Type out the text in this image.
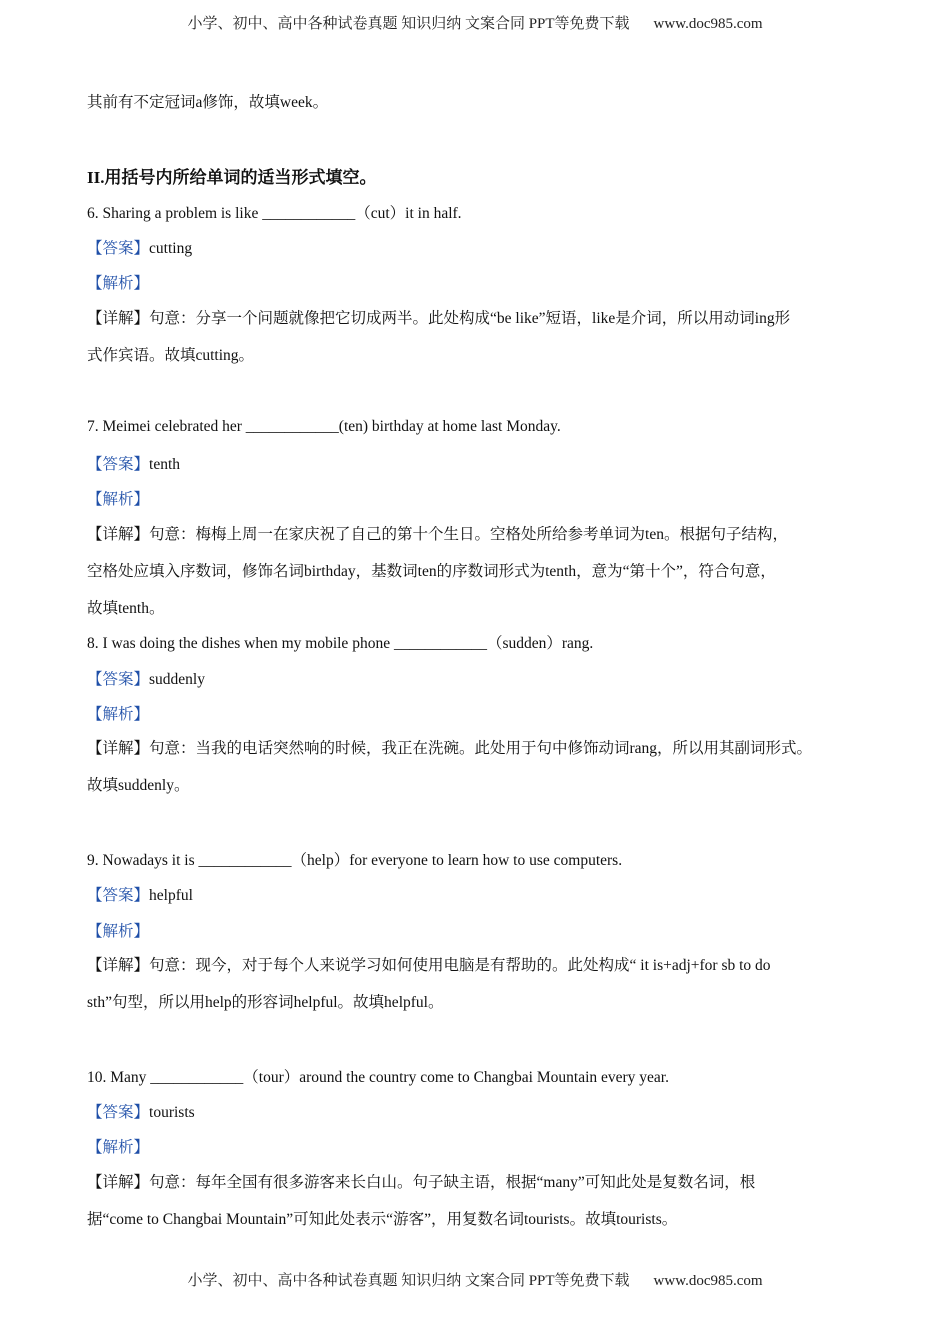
小学、初中、高中各种试卷真题 知识归纳 文案合同 PPT等免费下载 www.doc985.com
其前有不定冠词a修饰，故填week。
II.用括号内所给单词的适当形式填空。
6. Sharing a problem is like ____________（cut）it in half.
【答案】cutting
【解析】
【详解】句意：分享一个问题就像把它切成两半。此处构成“be like”短语，like是介词，所以用动词ing形
式作宾语。故填cutting。
7. Meimei celebrated her ____________(ten) birthday at home last Monday.
【答案】tenth
【解析】
【详解】句意：梅梅上周一在家庆祝了自己的第十个生日。空格处所给参考单词为ten。根据句子结构，
空格处应填入序数词，修饰名词birthday，基数词ten的序数词形式为tenth，意为“第十个”，符合句意，
故填tenth。
8. I was doing the dishes when my mobile phone ____________（sudden）rang.
【答案】suddenly
【解析】
【详解】句意：当我的电话突然响的时候，我正在洗碗。此处用于句中修饰动词rang，所以用其副词形式。
故填suddenly。
9. Nowadays it is ____________（help）for everyone to learn how to use computers.
【答案】helpful
【解析】
【详解】句意：现今，对于每个人来说学习如何使用电脑是有帮助的。此处构成“ it is+adj+for sb to do
sth”句型，所以用help的形容词helpful。故填helpful。
10. Many ____________（tour）around the country come to Changbai Mountain every year.
【答案】tourists
【解析】
【详解】句意：每年全国有很多游客来长白山。句子缺主语，根据“many”可知此处是复数名词，根
据“come to Changbai Mountain”可知此处表示“游客”，用复数名词tourists。故填tourists。
小学、初中、高中各种试卷真题 知识归纳 文案合同 PPT等免费下载 www.doc985.com
